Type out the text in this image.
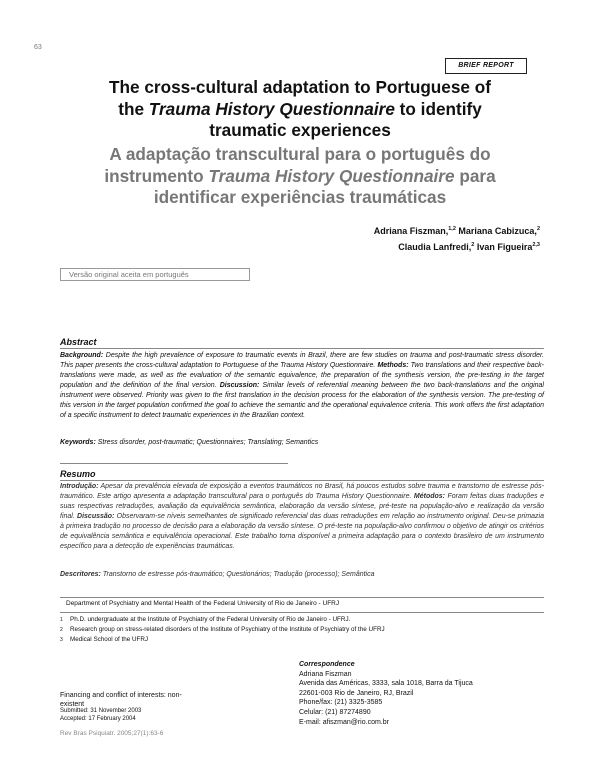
63
BRIEF REPORT
The cross-cultural adaptation to Portuguese of
the Trauma History Questionnaire to identify
traumatic experiences
A adaptação transcultural para o português do
instrumento Trauma History Questionnaire para
identificar experiências traumáticas
Adriana Fiszman,$^{1,2}$ Mariana Cabizuca,$^2$
Claudia Lanfredi,$^2$ Ivan Figueira$^{2,3}$
Versão original aceita em português
Abstract
Background: Despite the high prevalence of exposure to traumatic events in Brazil, there are few studies on trauma and post-traumatic stress disorder. This paper presents the cross-cultural adaptation to Portuguese of the Trauma History Questionnaire. Methods: Two translations and their respective back-translations were made, as well as the evaluation of the semantic equivalence, the preparation of the synthesis version, the pre-testing in the target population and the definition of the final version. Discussion: Similar levels of referential meaning between the two back-translations and the original instrument were observed. Priority was given to the first translation in the decision process for the elaboration of the synthesis version. The pre-testing of this version in the target population confirmed the goal to achieve the semantic and the operational equivalence criteria. This work offers the first adaptation of a specific instrument to detect traumatic experiences in the Brazilian context.
Keywords: Stress disorder, post-traumatic; Questionnaires; Translating; Semantics
Resumo
Introdução: Apesar da prevalência elevada de exposição a eventos traumáticos no Brasil, há poucos estudos sobre trauma e transtorno de estresse pós-traumático. Este artigo apresenta a adaptação transcultural para o português do Trauma History Questionnaire. Métodos: Foram feitas duas traduções e suas respectivas retraduções, avaliação da equivalência semântica, elaboração da versão síntese, pré-teste na população-alvo e realização da versão final. Discussão: Observaram-se níveis semelhantes de significado referencial das duas retraduções em relação ao instrumento original. Deu-se primazia à primeira tradução no processo de decisão para a elaboração da versão síntese. O pré-teste na população-alvo confirmou o objetivo de atingir os critérios de equivalência semântica e equivalência operacional. Este trabalho torna disponível a primeira adaptação para o contexto brasileiro de um instrumento específico para a detecção de experiências traumáticas.
Descritores: Transtorno de estresse pós-traumático; Questionários; Tradução (processo); Semântica
Department of Psychiatry and Mental Health of the Federal University of Rio de Janeiro - UFRJ
1 Ph.D. undergraduate at the Institute of Psychiatry of the Federal University of Rio de Janeiro - UFRJ.
2 Research group on stress-related disorders of the Institute of Psychiatry of the Institute of Psychiatry of the UFRJ
3 Medical School of the UFRJ
Correspondence
Adriana Fiszman
Avenida das Américas, 3333, sala 1018, Barra da Tijuca
22601-003 Rio de Janeiro, RJ, Brazil
Phone/fax: (21) 3325-3585
Celular: (21) 87274890
E-mail: afiszman@rio.com.br
Financing and conflict of interests: non-existent
Submitted: 31 November 2003
Accepted: 17 February 2004
Rev Bras Psiquiatr. 2005;27(1):63-6
